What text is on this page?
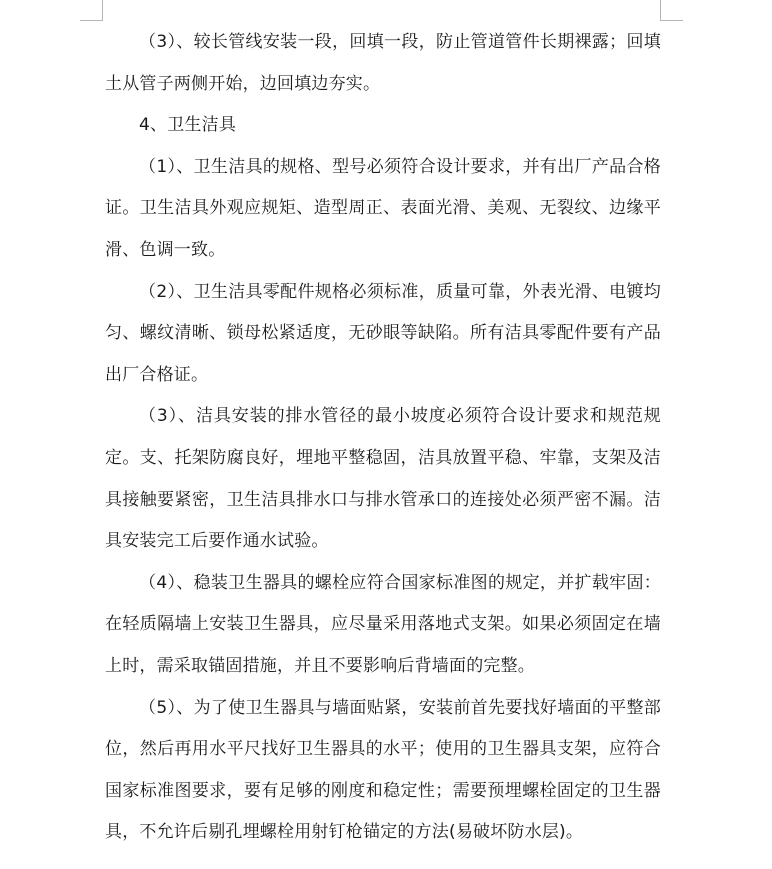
（3）、较长管线安装一段，回填一段，防止管道管件长期裸露；回填土从管子两侧开始，边回填边夯实。

4、卫生洁具

（1）、卫生洁具的规格、型号必须符合设计要求，并有出厂产品合格证。卫生洁具外观应规矩、造型周正、表面光滑、美观、无裂纹、边缘平滑、色调一致。

（2）、卫生洁具零配件规格必须标准，质量可靠，外表光滑、电镀均匀、螺纹清晰、锁母松紧适度，无砂眼等缺陷。所有洁具零配件要有产品出厂合格证。

（3）、洁具安装的排水管径的最小坡度必须符合设计要求和规范规定。支、托架防腐良好，埋地平整稳固，洁具放置平稳、牢靠，支架及洁具接触要紧密，卫生洁具排水口与排水管承口的连接处必须严密不漏。洁具安装完工后要作通水试验。

（4）、稳装卫生器具的螺栓应符合国家标准图的规定，并扩载牢固：在轻质隔墙上安装卫生器具，应尽量采用落地式支架。如果必须固定在墙上时，需采取锚固措施，并且不要影响后背墙面的完整。

（5）、为了使卫生器具与墙面贴紧，安装前首先要找好墙面的平整部位，然后再用水平尺找好卫生器具的水平；使用的卫生器具支架，应符合国家标准图要求，要有足够的刚度和稳定性；需要预埋螺栓固定的卫生器具，不允许后剔孔埋螺栓用射钉枪锚定的方法(易破坏防水层)。
